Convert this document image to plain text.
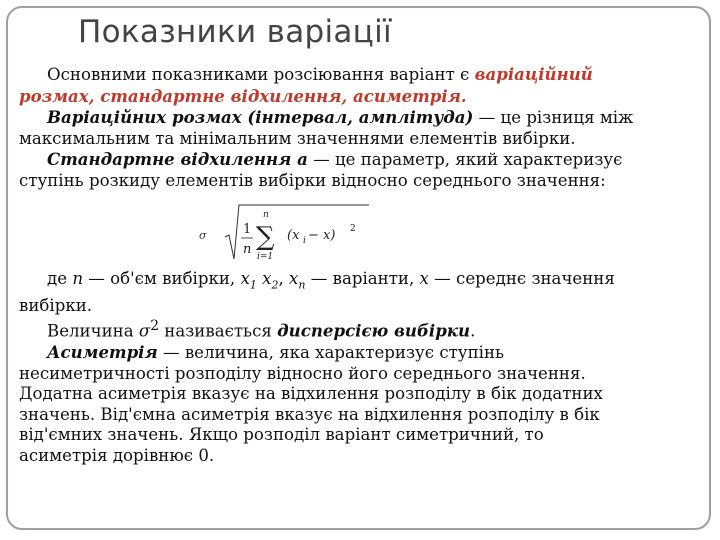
Показники варіації

Основними показниками розсіювання варіант є варіаційний

розмах, стандартне відхилення, асиметрія.

Варіаційних розмах (інтервал, амплітуда) — це різниця між

максимальним та мінімальним значеннями елементів вибірки.

Стандартне відхилення а — це параметр, який характеризує

ступінь розкиду елементів вибірки відносно середнього значення:

σ	1
n
n
∑
i=1
(x i − x) 2

де n — об'єм вибірки, $x_1$ $x_2$, $x_n$ — варіанти, x — середнє значення

вибірки.

Величина $\sigma^2$ називається дисперсією вибірки.

Асиметрія — величина, яка характеризує ступінь

несиметричності розподілу відносно його середнього значення.

Додатна асиметрія вказує на відхилення розподілу в бік додатних

значень. Від'ємна асиметрія вказує на відхилення розподілу в бік

від'ємних значень. Якщо розподіл варіант симетричний, то

асиметрія дорівнює 0.
